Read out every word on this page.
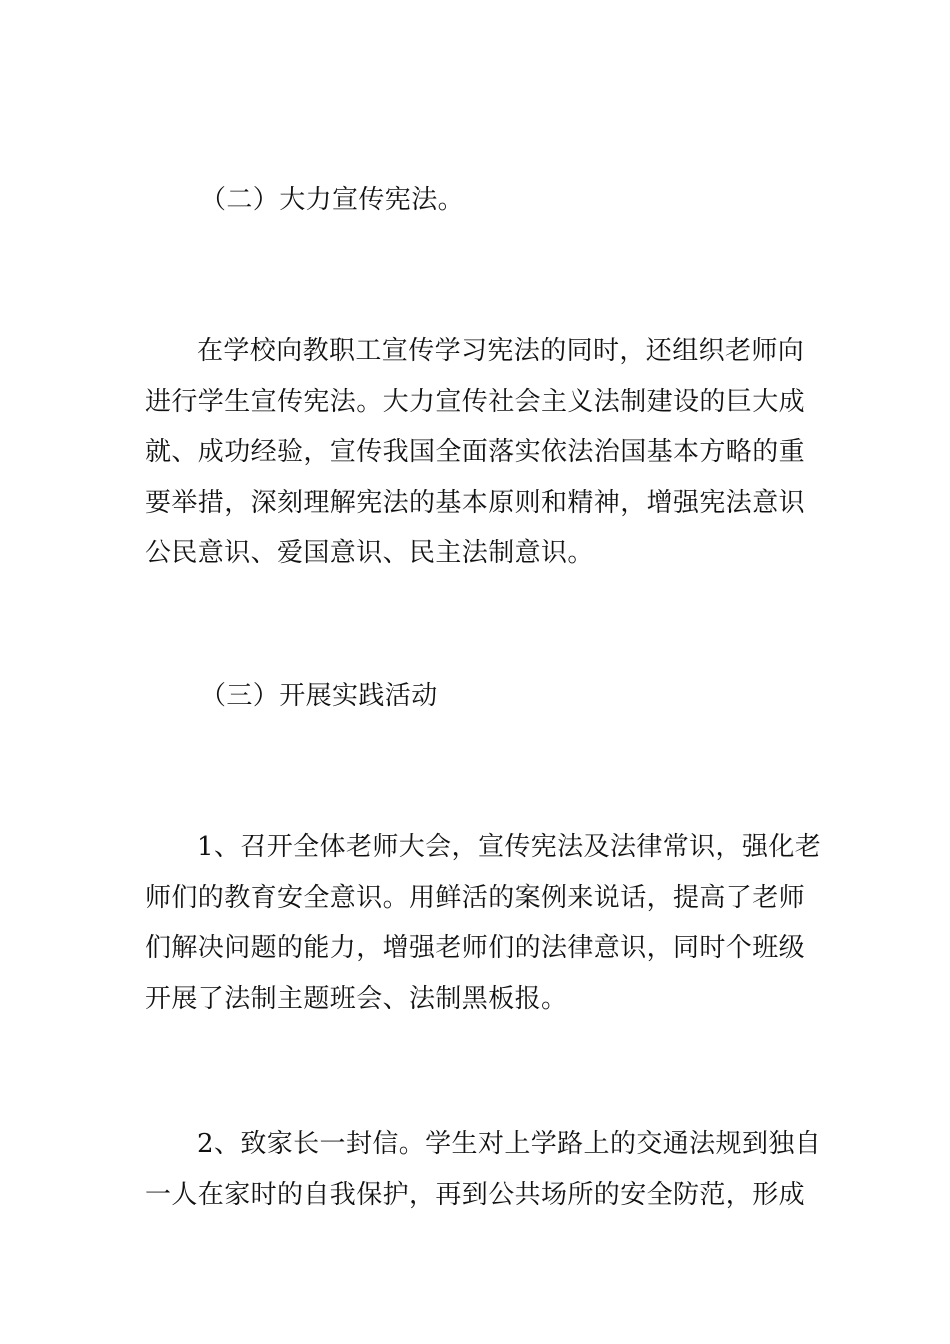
（二）大力宣传宪法。
在学校向教职工宣传学习宪法的同时，还组织老师向
进行学生宣传宪法。大力宣传社会主义法制建设的巨大成
就、成功经验，宣传我国全面落实依法治国基本方略的重
要举措，深刻理解宪法的基本原则和精神，增强宪法意识
公民意识、爱国意识、民主法制意识。
（三）开展实践活动
1、召开全体老师大会，宣传宪法及法律常识，强化老
师们的教育安全意识。用鲜活的案例来说话，提高了老师
们解决问题的能力，增强老师们的法律意识，同时个班级
开展了法制主题班会、法制黑板报。
2、致家长一封信。学生对上学路上的交通法规到独自
一人在家时的自我保护，再到公共场所的安全防范，形成
